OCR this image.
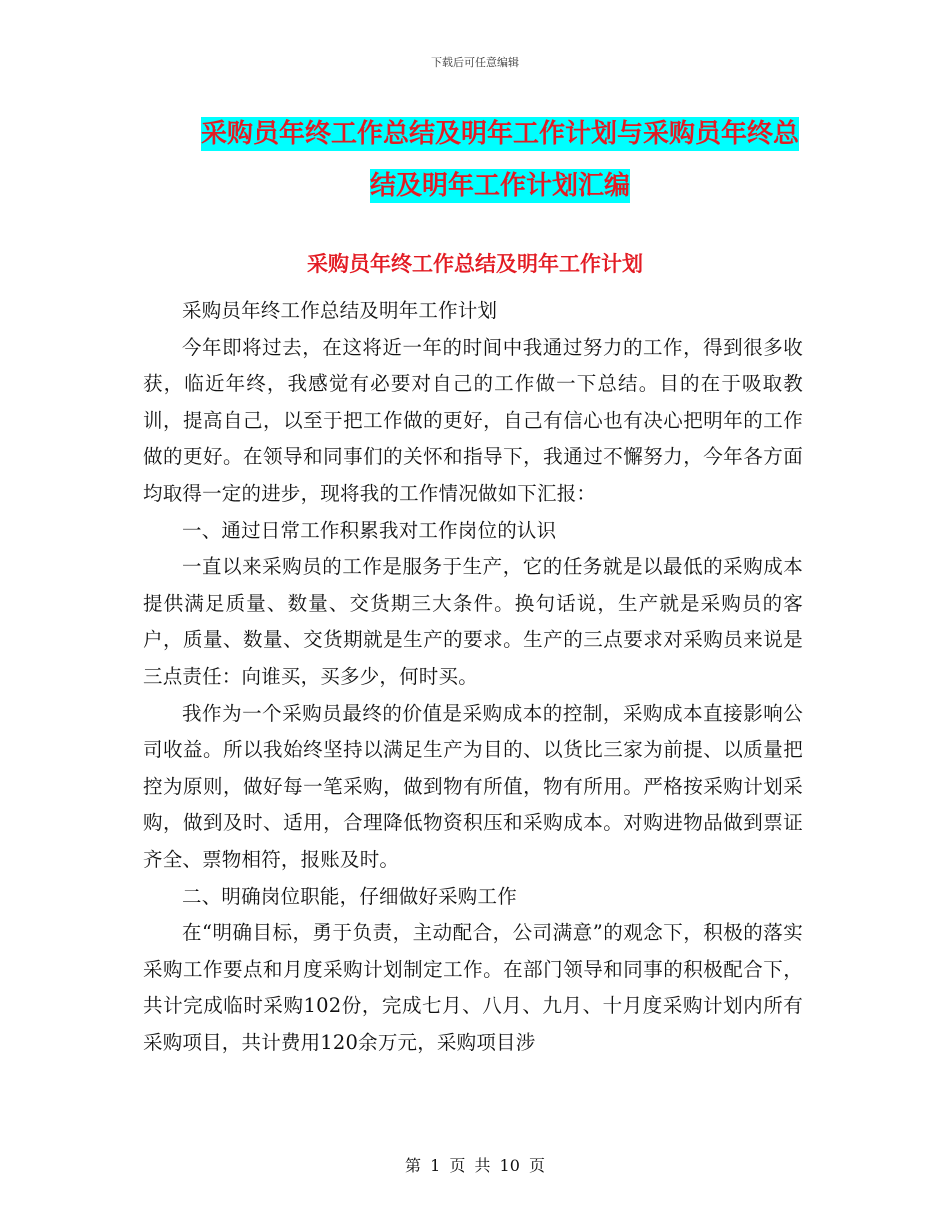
下载后可任意编辑
采购员年终工作总结及明年工作计划与采购员年终总
结及明年工作计划汇编
采购员年终工作总结及明年工作计划

采购员年终工作总结及明年工作计划

今年即将过去，在这将近一年的时间中我通过努力的工作，得到很多收获，临近年终，我感觉有必要对自己的工作做一下总结。目的在于吸取教训，提高自己，以至于把工作做的更好，自己有信心也有决心把明年的工作做的更好。在领导和同事们的关怀和指导下，我通过不懈努力，今年各方面均取得一定的进步，现将我的工作情况做如下汇报：

一、通过日常工作积累我对工作岗位的认识

一直以来采购员的工作是服务于生产，它的任务就是以最低的采购成本提供满足质量、数量、交货期三大条件。换句话说，生产就是采购员的客户，质量、数量、交货期就是生产的要求。生产的三点要求对采购员来说是三点责任：向谁买，买多少，何时买。

我作为一个采购员最终的价值是采购成本的控制，采购成本直接影响公司收益。所以我始终坚持以满足生产为目的、以货比三家为前提、以质量把控为原则，做好每一笔采购，做到物有所值，物有所用。严格按采购计划采购，做到及时、适用，合理降低物资积压和采购成本。对购进物品做到票证齐全、票物相符，报账及时。

二、明确岗位职能，仔细做好采购工作

在“明确目标，勇于负责，主动配合，公司满意”的观念下，积极的落实采购工作要点和月度采购计划制定工作。在部门领导和同事的积极配合下，共计完成临时采购102份，完成七月、八月、九月、十月度采购计划内所有采购项目，共计费用120余万元，采购项目涉

第 1 页 共 10 页
